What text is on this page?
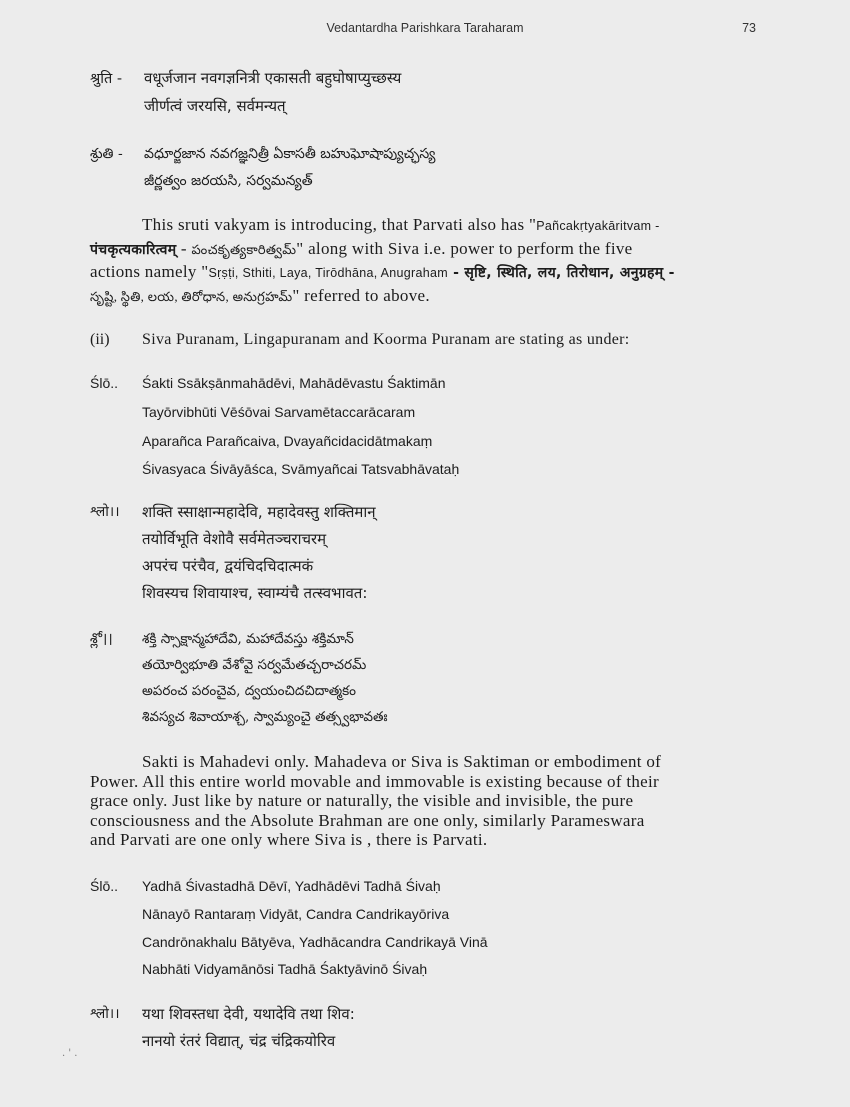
Vedantardha Parishkara Taraharam	73
श्रुति - वधूर्जजान नवगज्ञनित्री एकासती बहुघोषाप्युच्छस्य
जीर्णत्वं जरयसि, सर्वमन्यत्
శ్రుతి - వధూర్జజాన నవగజ్ఞనిత్రీ ఏకాసతీ బహుఘోషాప్యుచ్ఛస్య
జీర్ణత్వం జరయసి, సర్వమన్యత్
This sruti vakyam is introducing, that Parvati also has "Pañcakṛtyakāritvam -
पंचकृत्यकारित्वम् - పంచకృత్యకారిత్వమ్" along with Siva i.e. power to perform the five
actions namely "Sṛṣṭi, Sthiti, Laya, Tirōdhāna, Anugraham - सृष्टि, स्थिति, लय, तिरोधान, अनुग्रहम् -
సృష్టి, స్థితి, లయ, తిరోధాన, అనుగ్రహమ్" referred to above.
(ii) Siva Puranam, Lingapuranam and Koorma Puranam are stating as under:
Ślō.. Śakti Ssākṣānmahādēvi, Mahādēvastu Śaktimān
Tayōrvibhūti Vēśōvai Sarvamētaccarācaram
Aparañca Parañcaiva, Dvayañcidacidātmakaṃ
Śivasyaca Śivāyāśca, Svāmyañcai Tatsvabhāvataḥ
श्लो।। शक्ति स्साक्षान्महादेवि, महादेवस्तु शक्तिमान्
तयोर्विभूति वेशोवै सर्वमेतञ्चराचरम्
अपरंच परंचैव, द्वयंचिदचिदात्मकं
शिवस्यच शिवायाश्च, स्वाम्यंचै तत्स्वभावत:
శ్లో।। శక్తి స్సాక్షాన్మహాదేవి, మహాదేవస్తు శక్తిమాన్
తయోర్విభూతి వేశోవై సర్వమేతచ్చరాచరమ్
అపరంచ పరంచైవ, ద్వయంచిదచిదాత్మకం
శివస్యచ శివాయాశ్చ, స్వామ్యంచై తత్స్వభావతః
Sakti is Mahadevi only. Mahadeva or Siva is Saktiman or embodiment of
Power. All this entire world movable and immovable is existing because of their
grace only. Just like by nature or naturally, the visible and invisible, the pure
consciousness and the Absolute Brahman are one only, similarly Parameswara
and Parvati are one only where Siva is , there is Parvati.
Ślō.. Yadhā Śivastadhā Dēvī, Yadhādēvi Tadhā Śivaḥ
Nānayō Rantaraṃ Vidyāt, Candra Candrikayōriva
Candrōnakhalu Bātyēva, Yadhācandra Candrikayā Vinā
Nabhāti Vidyamānōsi Tadhā Śaktyāvinō Śivaḥ
श्लो।। यथा शिवस्तधा देवी, यथादेवि तथा शिव:
नानयो रंतरं विद्यात्, चंद्र चंद्रिकयोरिव
. ' .
